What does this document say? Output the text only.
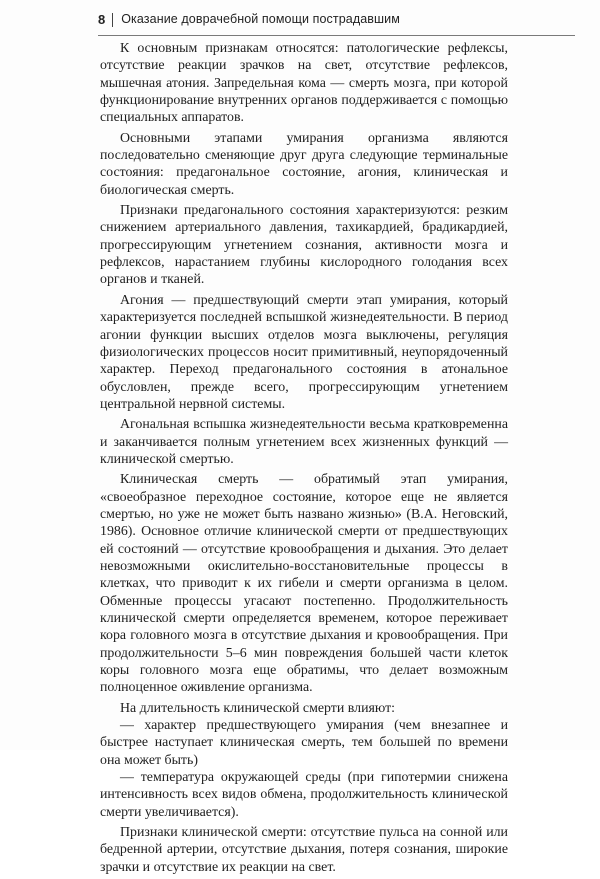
8 Оказание доврачебной помощи пострадавшим

К основным признакам относятся: патологические рефлексы, отсутствие реакции зрачков на свет, отсутствие рефлексов, мышечная атония. Запредельная кома — смерть мозга, при которой функционирование внутренних органов поддерживается с помощью специальных аппаратов.

Основными этапами умирания организма являются последовательно сменяющие друг друга следующие терминальные состояния: предагональное состояние, агония, клиническая и биологическая смерть.

Признаки предагонального состояния характеризуются: резким снижением артериального давления, тахикардией, брадикардией, прогрессирующим угнетением сознания, активности мозга и рефлексов, нарастанием глубины кислородного голодания всех органов и тканей.

Агония — предшествующий смерти этап умирания, который характеризуется последней вспышкой жизнедеятельности. В период агонии функции высших отделов мозга выключены, регуляция физиологических процессов носит примитивный, неупорядоченный характер. Переход предагонального состояния в атональное обусловлен, прежде всего, прогрессирующим угнетением центральной нервной системы.

Агональная вспышка жизнедеятельности весьма кратковременна и заканчивается полным угнетением всех жизненных функций — клинической смертью.

Клиническая смерть — обратимый этап умирания, «своеобразное переходное состояние, которое еще не является смертью, но уже не может быть названо жизнью» (В.А. Неговский, 1986). Основное отличие клинической смерти от предшествующих ей состояний — отсутствие кровообращения и дыхания. Это делает невозможными окислительно-восстановительные процессы в клетках, что приводит к их гибели и смерти организма в целом. Обменные процессы угасают постепенно. Продолжительность клинической смерти определяется временем, которое переживает кора головного мозга в отсутствие дыхания и кровообращения. При продолжительности 5–6 мин повреждения большей части клеток коры головного мозга еще обратимы, что делает возможным полноценное оживление организма.

На длительность клинической смерти влияют:

— характер предшествующего умирания (чем внезапнее и быстрее наступает клиническая смерть, тем большей по времени она может быть)

— температура окружающей среды (при гипотермии снижена интенсивность всех видов обмена, продолжительность клинической смерти увеличивается).

Признаки клинической смерти: отсутствие пульса на сонной или бедренной артерии, отсутствие дыхания, потеря сознания, широкие зрачки и отсутствие их реакции на свет.
